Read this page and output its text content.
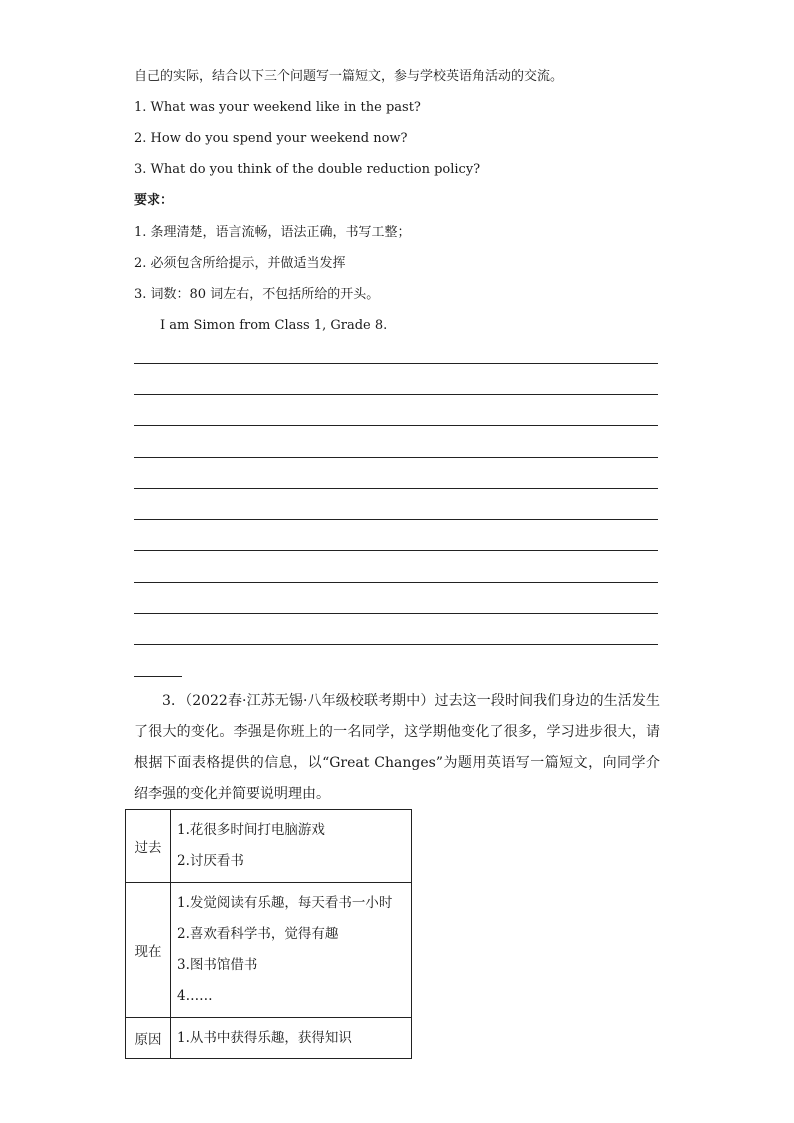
自己的实际，结合以下三个问题写一篇短文，参与学校英语角活动的交流。
1. What was your weekend like in the past?
2. How do you spend your weekend now?
3. What do you think of the double reduction policy?
要求：
1. 条理清楚，语言流畅，语法正确，书写工整；
2. 必须包含所给提示，并做适当发挥
3. 词数：80 词左右，不包括所给的开头。
I am Simon from Class 1, Grade 8.
3．（2022春·江苏无锡·八年级校联考期中）过去这一段时间我们身边的生活发生了很大的变化。李强是你班上的一名同学，这学期他变化了很多，学习进步很大，请根据下面表格提供的信息，以“Great Changes”为题用英语写一篇短文，向同学介绍李强的变化并简要说明理由。
过去	1.花很多时间打电脑游戏
2.讨厌看书

现在	1.发觉阅读有乐趣，每天看书一小时
2.喜欢看科学书，觉得有趣
3.图书馆借书
4……

原因	1.从书中获得乐趣，获得知识
